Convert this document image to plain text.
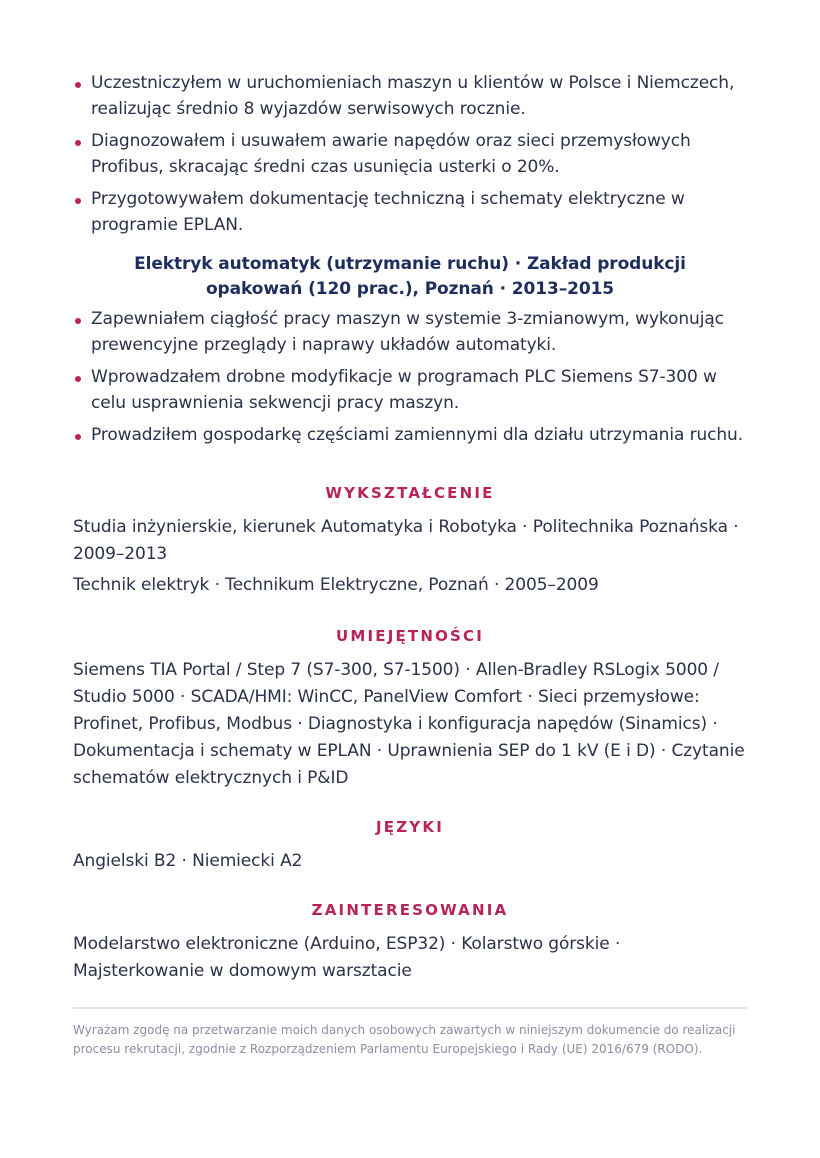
Uczestniczyłem w uruchomieniach maszyn u klientów w Polsce i Niemczech, realizując średnio 8 wyjazdów serwisowych rocznie.
Diagnozowałem i usuwałem awarie napędów oraz sieci przemysłowych Profibus, skracając średni czas usunięcia usterki o 20%.
Przygotowywałem dokumentację techniczną i schematy elektryczne w programie EPLAN.
Elektryk automatyk (utrzymanie ruchu) · Zakład produkcji opakowań (120 prac.), Poznań · 2013–2015
Zapewniałem ciągłość pracy maszyn w systemie 3-zmianowym, wykonując prewencyjne przeglądy i naprawy układów automatyki.
Wprowadzałem drobne modyfikacje w programach PLC Siemens S7-300 w celu usprawnienia sekwencji pracy maszyn.
Prowadziłem gospodarkę częściami zamiennymi dla działu utrzymania ruchu.
WYKSZTAŁCENIE
Studia inżynierskie, kierunek Automatyka i Robotyka · Politechnika Poznańska · 2009–2013
Technik elektryk · Technikum Elektryczne, Poznań · 2005–2009
UMIEJĘTNOŚCI
Siemens TIA Portal / Step 7 (S7-300, S7-1500) · Allen-Bradley RSLogix 5000 / Studio 5000 · SCADA/HMI: WinCC, PanelView Comfort · Sieci przemysłowe: Profinet, Profibus, Modbus · Diagnostyka i konfiguracja napędów (Sinamics) · Dokumentacja i schematy w EPLAN · Uprawnienia SEP do 1 kV (E i D) · Czytanie schematów elektrycznych i P&ID
JĘZYKI
Angielski B2 · Niemiecki A2
ZAINTERESOWANIA
Modelarstwo elektroniczne (Arduino, ESP32) · Kolarstwo górskie · Majsterkowanie w domowym warsztacie
Wyrażam zgodę na przetwarzanie moich danych osobowych zawartych w niniejszym dokumencie do realizacji procesu rekrutacji, zgodnie z Rozporządzeniem Parlamentu Europejskiego i Rady (UE) 2016/679 (RODO).
